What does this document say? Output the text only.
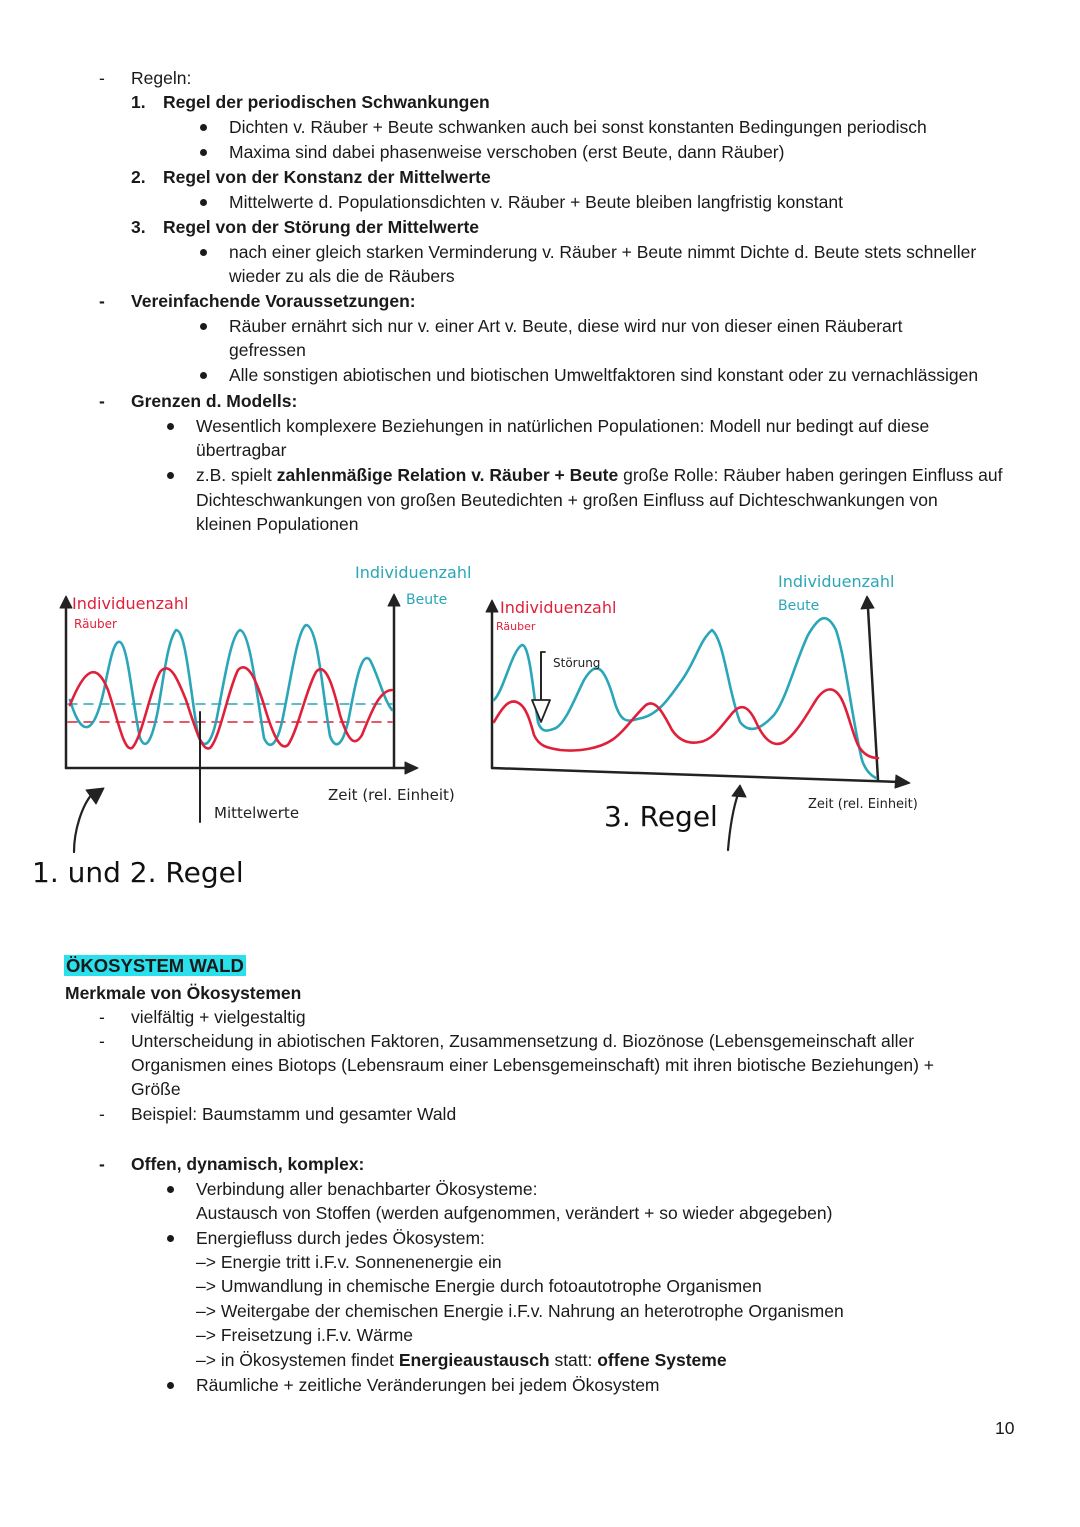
- Regeln:
1. Regel der periodischen Schwankungen
Dichten v. Räuber + Beute schwanken auch bei sonst konstanten Bedingungen periodisch
Maxima sind dabei phasenweise verschoben (erst Beute, dann Räuber)
2. Regel von der Konstanz der Mittelwerte
Mittelwerte d. Populationsdichten v. Räuber + Beute bleiben langfristig konstant
3. Regel von der Störung der Mittelwerte
nach einer gleich starken Verminderung v. Räuber + Beute nimmt Dichte d. Beute stets schneller
wieder zu als die de Räubers
- Vereinfachende Voraussetzungen:
Räuber ernährt sich nur v. einer Art v. Beute, diese wird nur von dieser einen Räuberart
gefressen
Alle sonstigen abiotischen und biotischen Umweltfaktoren sind konstant oder zu vernachlässigen
- Grenzen d. Modells:
Wesentlich komplexere Beziehungen in natürlichen Populationen: Modell nur bedingt auf diese
übertragbar
z.B. spielt zahlenmäßige Relation v. Räuber + Beute große Rolle: Räuber haben geringen Einfluss auf
Dichteschwankungen von großen Beutedichten + großen Einfluss auf Dichteschwankungen von
kleinen Populationen
Individuenzahl
Räuber
Individuenzahl
Beute
Zeit (rel. Einheit)
Mittelwerte
1. und 2. Regel
Individuenzahl
Räuber
Individuenzahl
Beute
Störung
Zeit (rel. Einheit)
3. Regel
ÖKOSYSTEM WALD
Merkmale von Ökosystemen
- vielfältig + vielgestaltig
- Unterscheidung in abiotischen Faktoren, Zusammensetzung d. Biozönose (Lebensgemeinschaft aller
Organismen eines Biotops (Lebensraum einer Lebensgemeinschaft) mit ihren biotische Beziehungen) +
Größe
- Beispiel: Baumstamm und gesamter Wald
- Offen, dynamisch, komplex:
Verbindung aller benachbarter Ökosysteme:
Austausch von Stoffen (werden aufgenommen, verändert + so wieder abgegeben)
Energiefluss durch jedes Ökosystem:
–> Energie tritt i.F.v. Sonnenenergie ein
–> Umwandlung in chemische Energie durch fotoautotrophe Organismen
–> Weitergabe der chemischen Energie i.F.v. Nahrung an heterotrophe Organismen
–> Freisetzung i.F.v. Wärme
–> in Ökosystemen findet Energieaustausch statt: offene Systeme
Räumliche + zeitliche Veränderungen bei jedem Ökosystem
10
